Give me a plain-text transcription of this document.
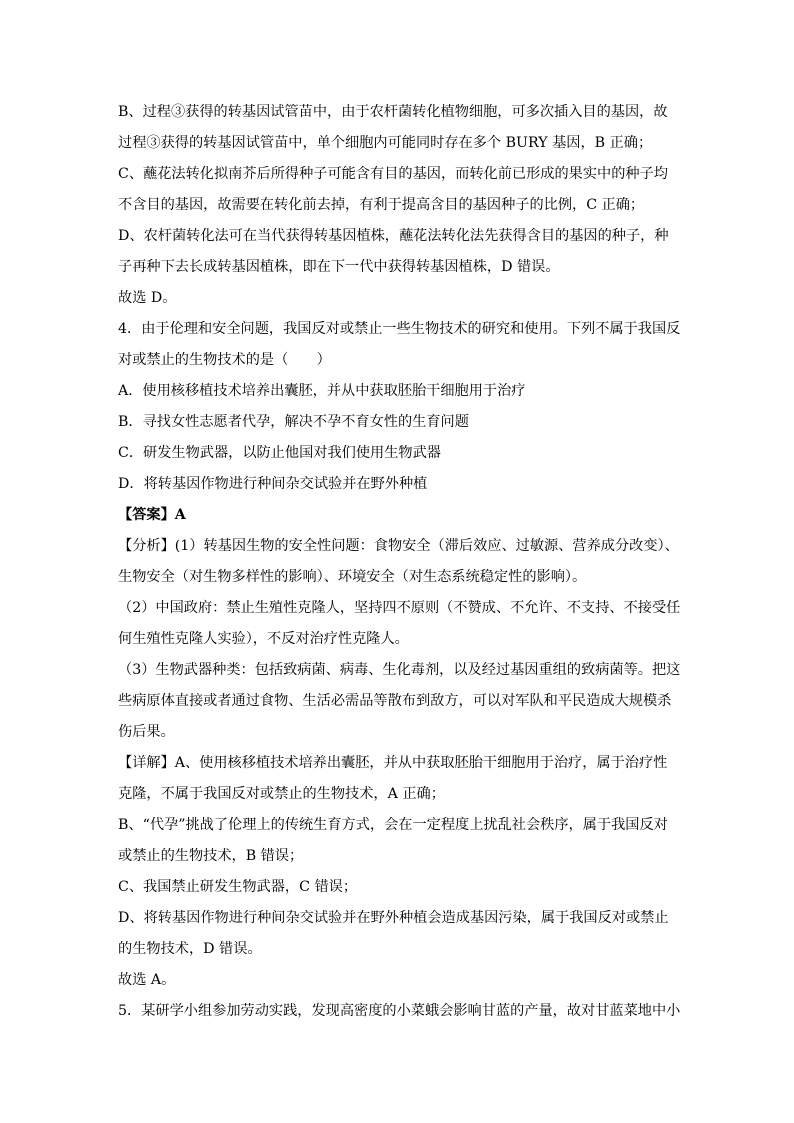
B、过程③获得的转基因试管苗中，由于农杆菌转化植物细胞，可多次插入目的基因，故
过程③获得的转基因试管苗中，单个细胞内可能同时存在多个 BURY 基因，B 正确；
C、蘸花法转化拟南芥后所得种子可能含有目的基因，而转化前已形成的果实中的种子均
不含目的基因，故需要在转化前去掉，有利于提高含目的基因种子的比例，C 正确；
D、农杆菌转化法可在当代获得转基因植株，蘸花法转化法先获得含目的基因的种子，种
子再种下去长成转基因植株，即在下一代中获得转基因植株，D 错误。
故选 D。
4．由于伦理和安全问题，我国反对或禁止一些生物技术的研究和使用。下列不属于我国反
对或禁止的生物技术的是（　　）
A．使用核移植技术培养出囊胚，并从中获取胚胎干细胞用于治疗
B．寻找女性志愿者代孕，解决不孕不育女性的生育问题
C．研发生物武器，以防止他国对我们使用生物武器
D．将转基因作物进行种间杂交试验并在野外种植
【答案】A
【分析】(1）转基因生物的安全性问题：食物安全（滞后效应、过敏源、营养成分改变）、
生物安全（对生物多样性的影响）、环境安全（对生态系统稳定性的影响）。
（2）中国政府：禁止生殖性克隆人，坚持四不原则（不赞成、不允许、不支持、不接受任
何生殖性克隆人实验），不反对治疗性克隆人。
（3）生物武器种类：包括致病菌、病毒、生化毒剂，以及经过基因重组的致病菌等。把这
些病原体直接或者通过食物、生活必需品等散布到敌方，可以对军队和平民造成大规模杀
伤后果。
【详解】A、使用核移植技术培养出囊胚，并从中获取胚胎干细胞用于治疗，属于治疗性
克隆，不属于我国反对或禁止的生物技术，A 正确；
B、“代孕”挑战了伦理上的传统生育方式，会在一定程度上扰乱社会秩序，属于我国反对
或禁止的生物技术，B 错误；
C、我国禁止研发生物武器，C 错误；
D、将转基因作物进行种间杂交试验并在野外种植会造成基因污染，属于我国反对或禁止
的生物技术，D 错误。
故选 A。
5．某研学小组参加劳动实践，发现高密度的小菜蛾会影响甘蓝的产量，故对甘蓝菜地中小
